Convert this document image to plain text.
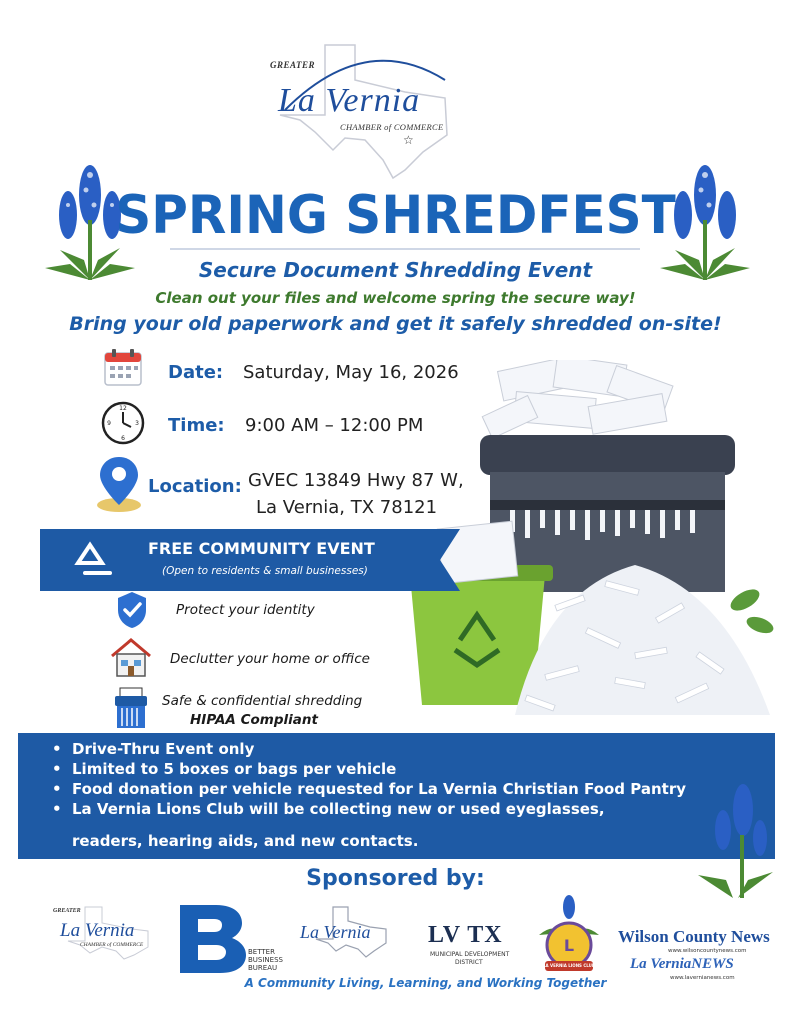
☆
GREATER
La Vernia
CHAMBER of COMMERCE
SPRING SHREDFEST
Secure Document Shredding Event
Clean out your files and welcome spring the secure way!
Bring your old paperwork and get it safely shredded on-site!
Date: Saturday, May 16, 2026
12
3
6
9	Time: 9:00 AM – 12:00 PM
Location: GVEC 13849 Hwy 87 W,
La Vernia, TX 78121
FREE COMMUNITY EVENT
(Open to residents & small businesses)
Protect your identity
Declutter your home or office
Safe & confidential shredding
HIPAA Compliant
• Drive-Thru Event only
• Limited to 5 boxes or bags per vehicle
• Food donation per vehicle requested for La Vernia Christian Food Pantry
• La Vernia Lions Club will be collecting new or used eyeglasses,
readers, hearing aids, and new contacts.
Sponsored by:
GREATER
La Vernia
CHAMBER of COMMERCE
BETTER
BUSINESS
BUREAU
La Vernia LV TX
MUNICIPAL DEVELOPMENT
DISTRICT
L
LA VERNIA LIONS CLUB
Wilson County News
www.wilsoncountynews.com
La VerniaNEWS
www.lavernianews.com
A Community Living, Learning, and Working Together
